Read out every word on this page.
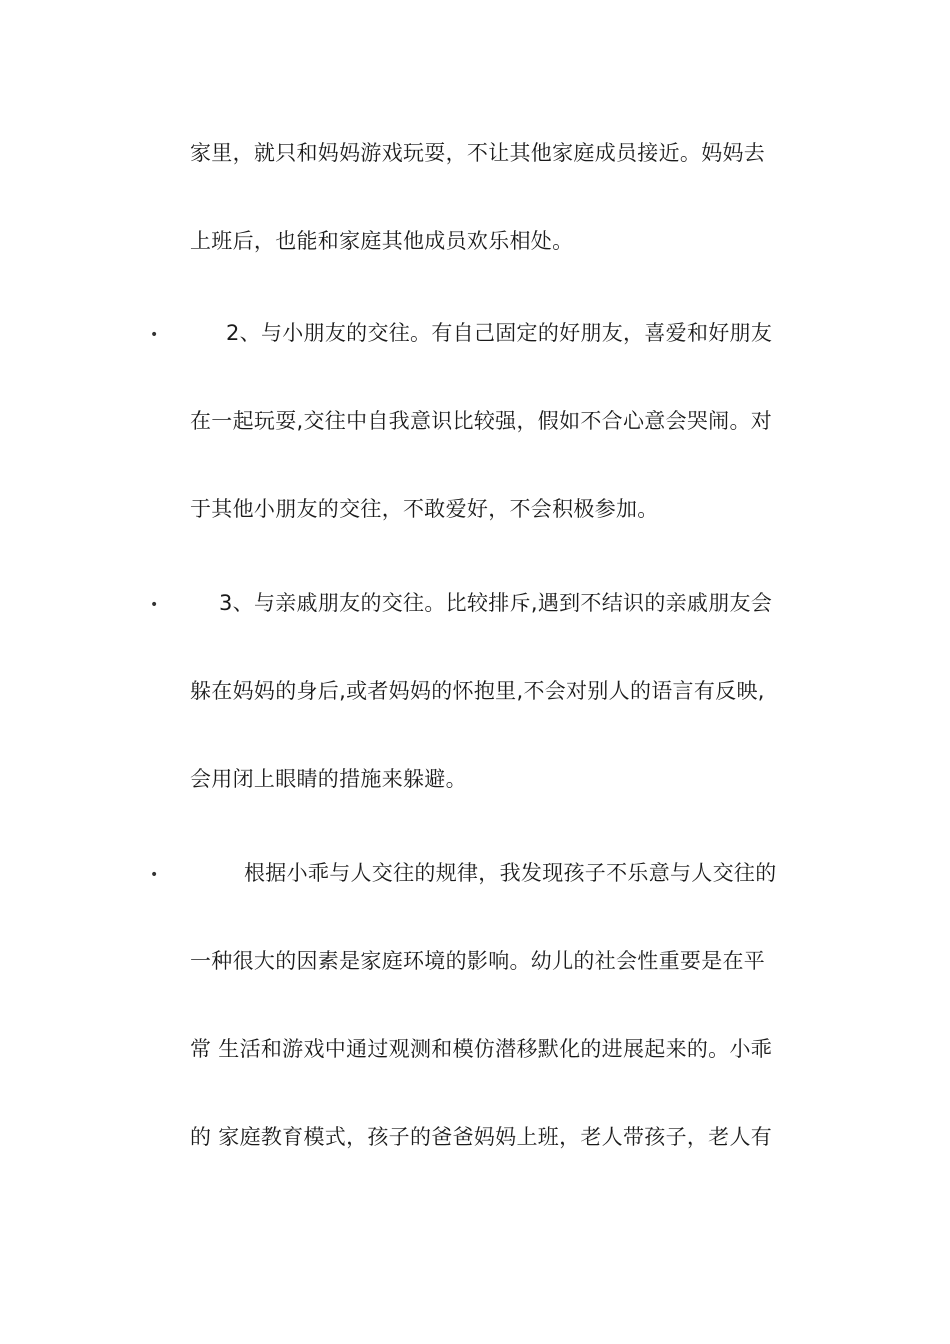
家里，就只和妈妈游戏玩耍，不让其他家庭成员接近。妈妈去
上班后，也能和家庭其他成员欢乐相处。
•	2、与小朋友的交往。有自己固定的好朋友，喜爱和好朋友
在一起玩耍,交往中自我意识比较强，假如不合心意会哭闹。对
于其他小朋友的交往，不敢爱好，不会积极参加。
•	3、与亲戚朋友的交往。比较排斥,遇到不结识的亲戚朋友会
躲在妈妈的身后,或者妈妈的怀抱里,不会对别人的语言有反映,
会用闭上眼睛的措施来躲避。
•	根据小乖与人交往的规律，我发现孩子不乐意与人交往的
一种很大的因素是家庭环境的影响。幼儿的社会性重要是在平
常 生活和游戏中通过观测和模仿潜移默化的进展起来的。小乖
的 家庭教育模式，孩子的爸爸妈妈上班，老人带孩子，老人有
